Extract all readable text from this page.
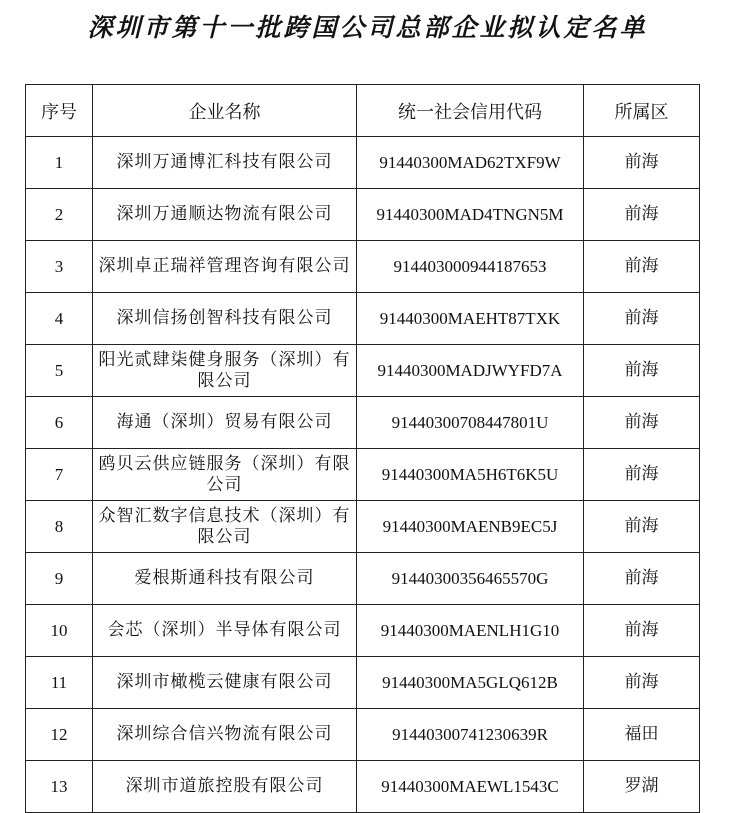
深圳市第十一批跨国公司总部企业拟认定名单
序号	企业名称	统一社会信用代码	所属区
1	深圳万通博汇科技有限公司	91440300MAD62TXF9W	前海
2	深圳万通顺达物流有限公司	91440300MAD4TNGN5M	前海
3	深圳卓正瑞祥管理咨询有限公司	91440300094418765З	前海
4	深圳信扬创智科技有限公司	91440300MAEHT87TXK	前海
5	阳光贰肆柒健身服务（深圳）有限公司	91440300MADJWYFD7A	前海
6	海通（深圳）贸易有限公司	91440300708447801U	前海
7	鸥贝云供应链服务（深圳）有限公司	91440300MA5H6T6K5U	前海
8	众智汇数字信息技术（深圳）有限公司	91440300MAENB9EC5J	前海
9	爱根斯通科技有限公司	91440300356465570G	前海
10	会芯（深圳）半导体有限公司	91440300MAENLH1G10	前海
11	深圳市橄榄云健康有限公司	91440300MA5GLQ612B	前海
12	深圳综合信兴物流有限公司	91440300741230639R	福田
13	深圳市道旅控股有限公司	91440300MAEWL1543C	罗湖
